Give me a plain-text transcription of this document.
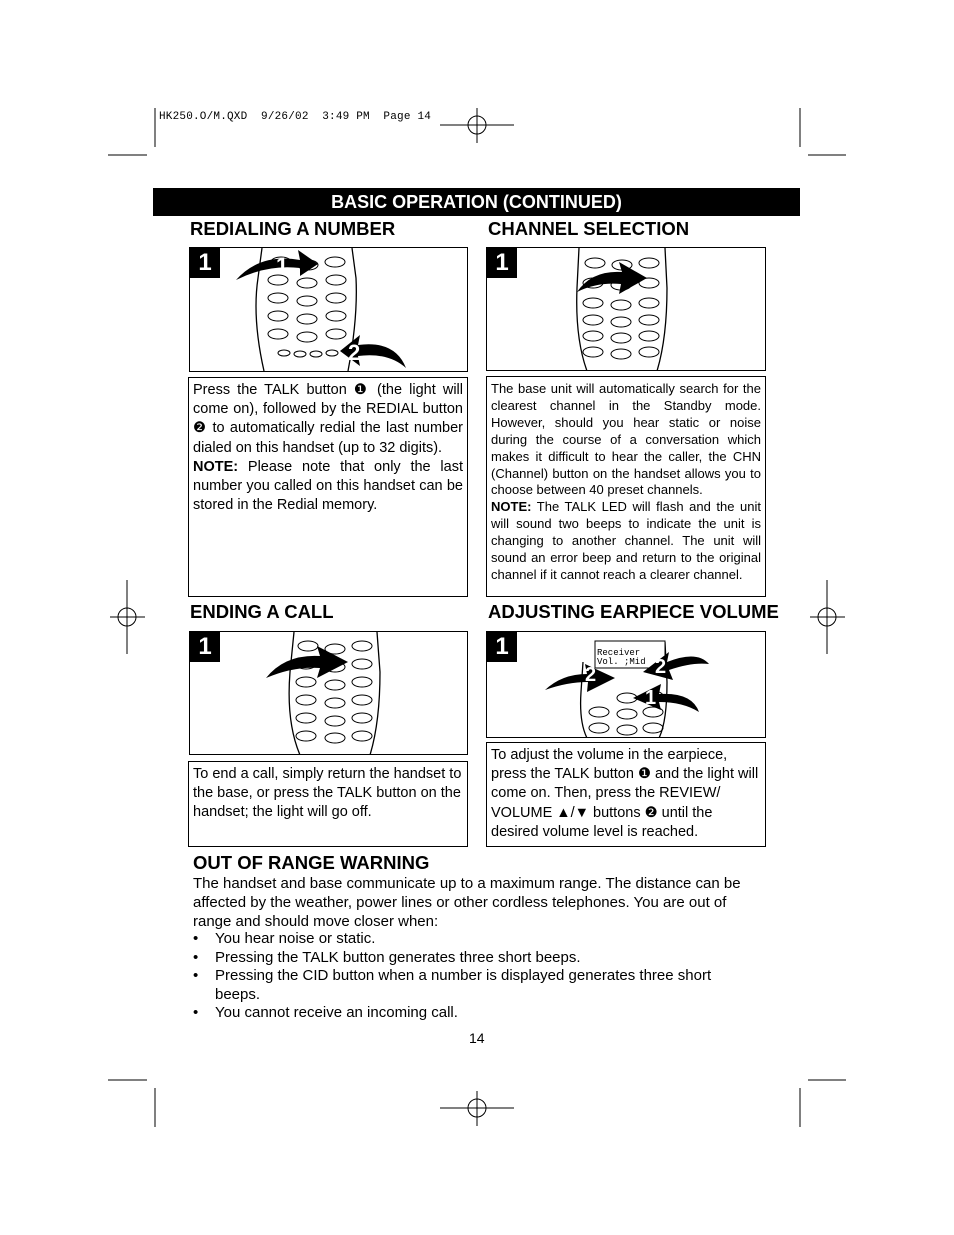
HK250.O/M.QXD  9/26/02  3:49 PM  Page 14
BASIC OPERATION (CONTINUED)
REDIALING A NUMBER
1	1
2
Press the TALK button ❶ (the light will come on), followed by the REDIAL button ❷ to automatically redial the last number dialed on this handset (up to 32 digits).
NOTE: Please note that only the last number you called on this handset can be stored in the Redial memory.
CHANNEL SELECTION
1
The base unit will automatically search for the clearest channel in the Standby mode. However, should you hear static or noise during the course of a conversation which makes it difficult to hear the caller, the CHN (Channel) button on the handset allows you to choose between 40 preset channels.
NOTE: The TALK LED will flash and the unit will sound two beeps to indicate the unit is changing to another channel. The unit will sound an error beep and return to the original channel if it cannot reach a clearer channel.
ENDING A CALL
1
To end a call, simply return the handset to the base, or press the TALK button on the handset; the light will go off.
ADJUSTING EARPIECE VOLUME
1	Receiver
Vol. ;Mid
2	2
1
To adjust the volume in the earpiece, press the TALK button ❶ and the light will come on. Then, press the REVIEW/ VOLUME ▲/▼ buttons ❷ until the desired volume level is reached.
OUT OF RANGE WARNING
The handset and base communicate up to a maximum range. The distance can be affected by the weather, power lines or other cordless telephones. You are out of range and should move closer when:
• You hear noise or static.
• Pressing the TALK button generates three short beeps.
• Pressing the CID button when a number is displayed generates three short beeps.
• You cannot receive an incoming call.
14
